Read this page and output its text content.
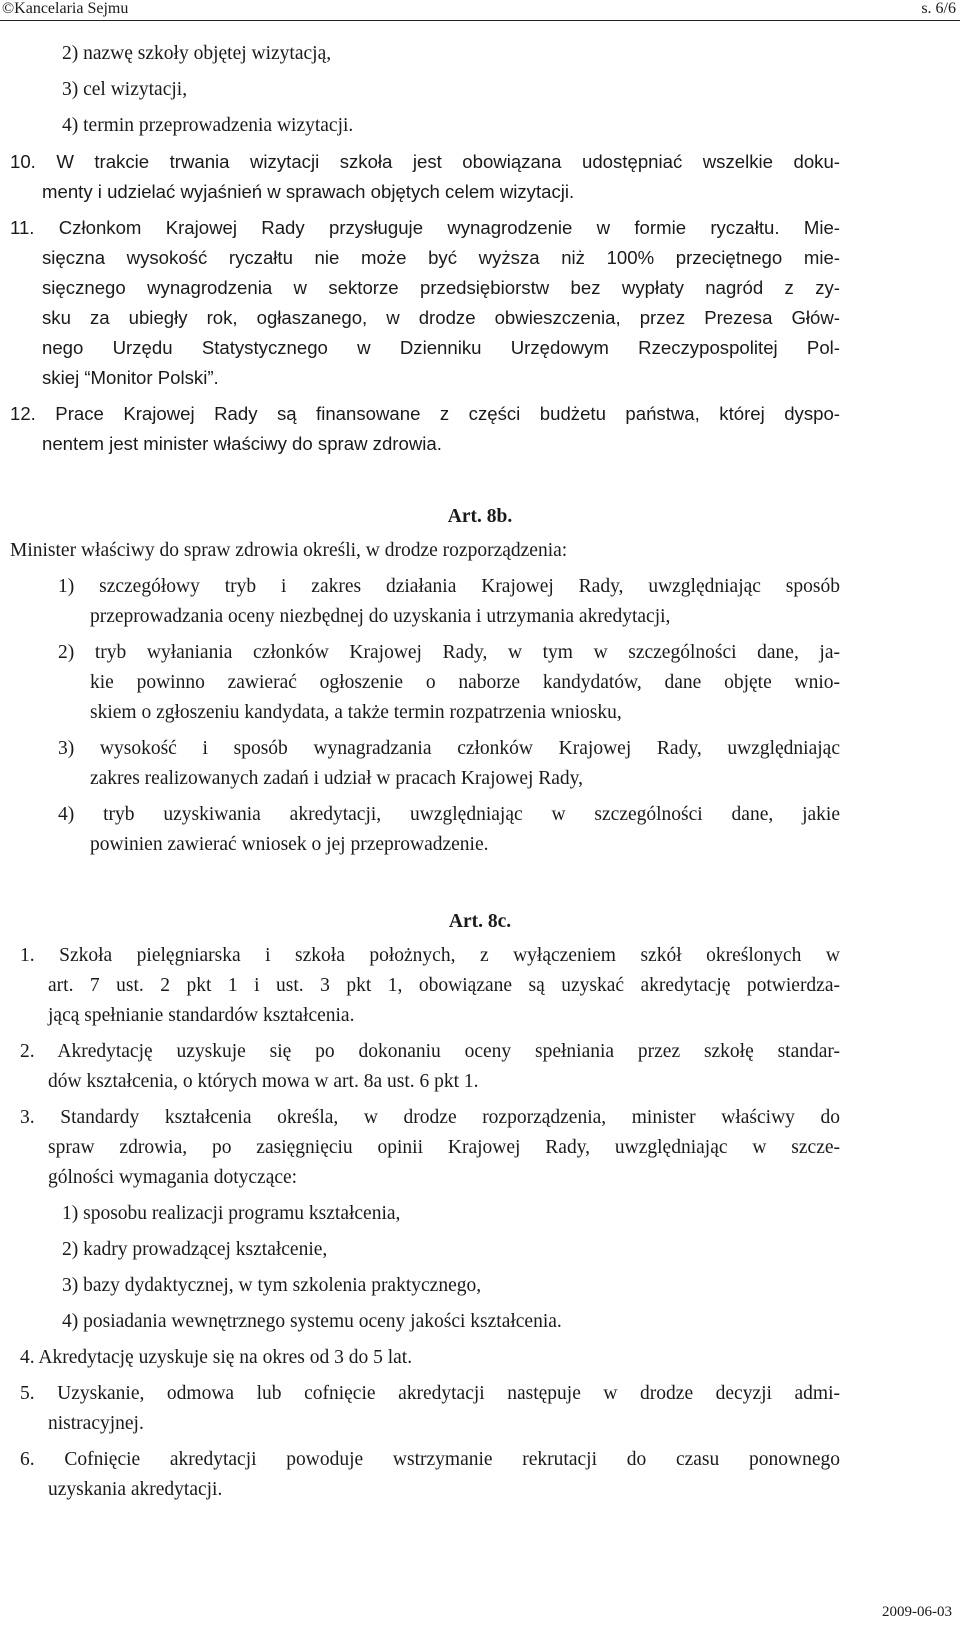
©Kancelaria Sejmu	s. 6/6
2) nazwę szkoły objętej wizytacją,
3) cel wizytacji,
4) termin przeprowadzenia wizytacji.
10. W trakcie trwania wizytacji szkoła jest obowiązana udostępniać wszelkie doku-
menty i udzielać wyjaśnień w sprawach objętych celem wizytacji.
11. Członkom Krajowej Rady przysługuje wynagrodzenie w formie ryczałtu. Mie-
sięczna wysokość ryczałtu nie może być wyższa niż 100% przeciętnego mie-
sięcznego wynagrodzenia w sektorze przedsiębiorstw bez wypłaty nagród z zy-
sku za ubiegły rok, ogłaszanego, w drodze obwieszczenia, przez Prezesa Głów-
nego Urzędu Statystycznego w Dzienniku Urzędowym Rzeczypospolitej Pol-
skiej “Monitor Polski”.
12. Prace Krajowej Rady są finansowane z części budżetu państwa, której dyspo-
nentem jest minister właściwy do spraw zdrowia.
Art. 8b.
Minister właściwy do spraw zdrowia określi, w drodze rozporządzenia:
1) szczegółowy tryb i zakres działania Krajowej Rady, uwzględniając sposób
przeprowadzania oceny niezbędnej do uzyskania i utrzymania akredytacji,
2) tryb wyłaniania członków Krajowej Rady, w tym w szczególności dane, ja-
kie powinno zawierać ogłoszenie o naborze kandydatów, dane objęte wnio-
skiem o zgłoszeniu kandydata, a także termin rozpatrzenia wniosku,
3) wysokość i sposób wynagradzania członków Krajowej Rady, uwzględniając
zakres realizowanych zadań i udział w pracach Krajowej Rady,
4) tryb uzyskiwania akredytacji, uwzględniając w szczególności dane, jakie
powinien zawierać wniosek o jej przeprowadzenie.
Art. 8c.
1. Szkoła pielęgniarska i szkoła położnych, z wyłączeniem szkół określonych w
art. 7 ust. 2 pkt 1 i ust. 3 pkt 1, obowiązane są uzyskać akredytację potwierdza-
jącą spełnianie standardów kształcenia.
2. Akredytację uzyskuje się po dokonaniu oceny spełniania przez szkołę standar-
dów kształcenia, o których mowa w art. 8a ust. 6 pkt 1.
3. Standardy kształcenia określa, w drodze rozporządzenia, minister właściwy do
spraw zdrowia, po zasięgnięciu opinii Krajowej Rady, uwzględniając w szcze-
gólności wymagania dotyczące:
1) sposobu realizacji programu kształcenia,
2) kadry prowadzącej kształcenie,
3) bazy dydaktycznej, w tym szkolenia praktycznego,
4) posiadania wewnętrznego systemu oceny jakości kształcenia.
4. Akredytację uzyskuje się na okres od 3 do 5 lat.
5. Uzyskanie, odmowa lub cofnięcie akredytacji następuje w drodze decyzji admi-
nistracyjnej.
6. Cofnięcie akredytacji powoduje wstrzymanie rekrutacji do czasu ponownego
uzyskania akredytacji.
2009-06-03
